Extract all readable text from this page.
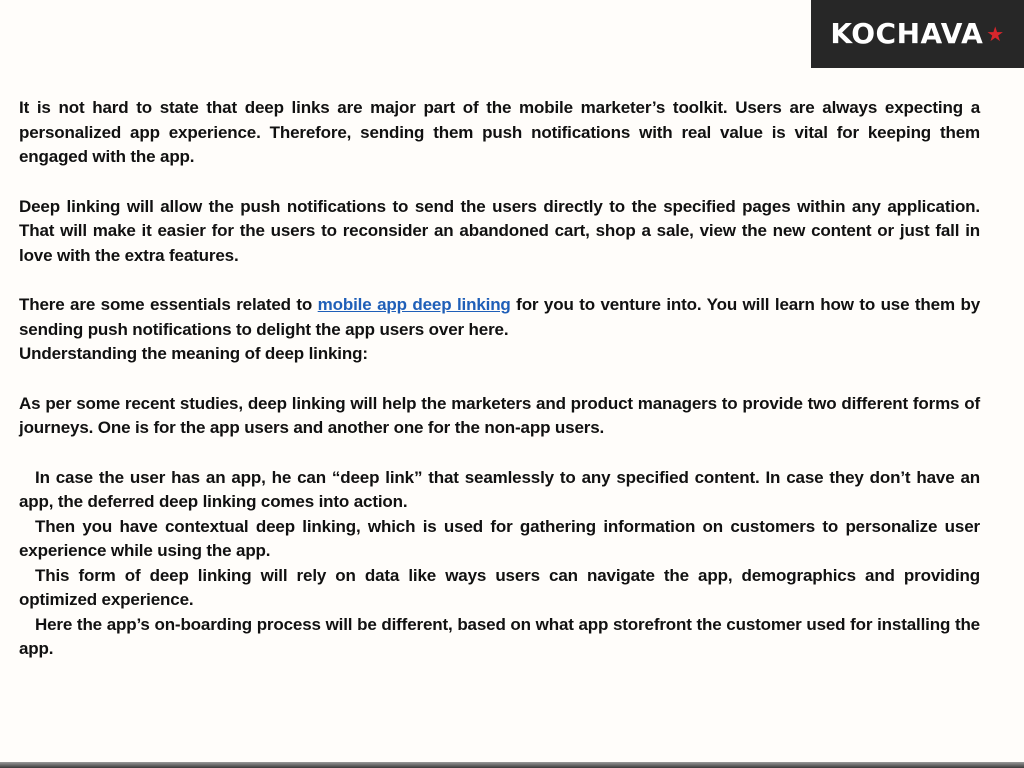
KOCHAVA ★

It is not hard to state that deep links are major part of the mobile marketer’s toolkit. Users are always expecting a personalized app experience. Therefore, sending them push notifications with real value is vital for keeping them engaged with the app.

Deep linking will allow the push notifications to send the users directly to the specified pages within any application. That will make it easier for the users to reconsider an abandoned cart, shop a sale, view the new content or just fall in love with the extra features.

There are some essentials related to mobile app deep linking for you to venture into. You will learn how to use them by sending push notifications to delight the app users over here.

Understanding the meaning of deep linking:

As per some recent studies, deep linking will help the marketers and product managers to provide two different forms of journeys. One is for the app users and another one for the non-app users.

In case the user has an app, he can “deep link” that seamlessly to any specified content. In case they don’t have an app, the deferred deep linking comes into action.

Then you have contextual deep linking, which is used for gathering information on customers to personalize user experience while using the app.

This form of deep linking will rely on data like ways users can navigate the app, demographics and providing optimized experience.

Here the app’s on-boarding process will be different, based on what app storefront the customer used for installing the app.
